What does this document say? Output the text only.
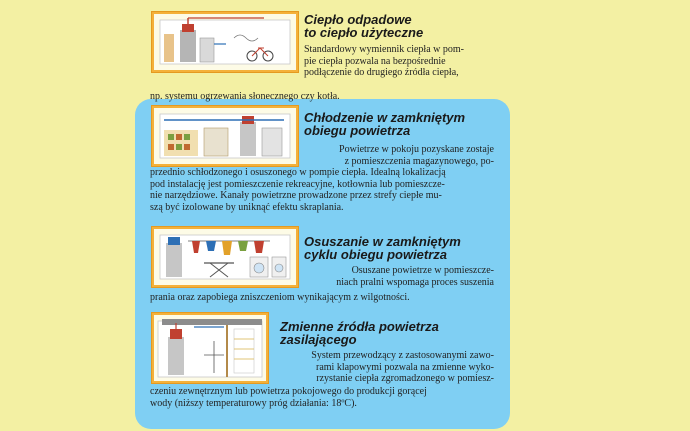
Ciepło odpadowe
to ciepło użyteczne
Standardowy wymiennik ciepła w pom-
pie ciepła pozwala na bezpośrednie
podłączenie do drugiego źródła ciepła,
np. systemu ogrzewania słonecznego czy kotła.
Chłodzenie w zamkniętym
obiegu powietrza
Powietrze w pokoju pozyskane zostaje
z pomieszczenia magazynowego, po-
przednio schłodzonego i osuszonego w pompie ciepła. Idealną lokalizacją
pod instalację jest pomieszczenie rekreacyjne, kotłownia lub pomieszcze-
nie narzędziowe. Kanały powietrzne prowadzone przez strefy ciepłe mu-
szą być izolowane by uniknąć efektu skraplania.
Osuszanie w zamkniętym
cyklu obiegu powietrza
Osuszane powietrze w pomieszcze-
niach pralni wspomaga proces suszenia
prania oraz zapobiega zniszczeniom wynikającym z wilgotności.
Zmienne źródła powietrza
zasilającego
System przewodzący z zastosowanymi zawo-
rami klapowymi pozwala na zmienne wyko-
rzystanie ciepła zgromadzonego w pomiesz-
czeniu zewnętrznym lub powietrza pokojowego do produkcji gorącej
wody (niższy temperaturowy próg działania: 18ºC).
